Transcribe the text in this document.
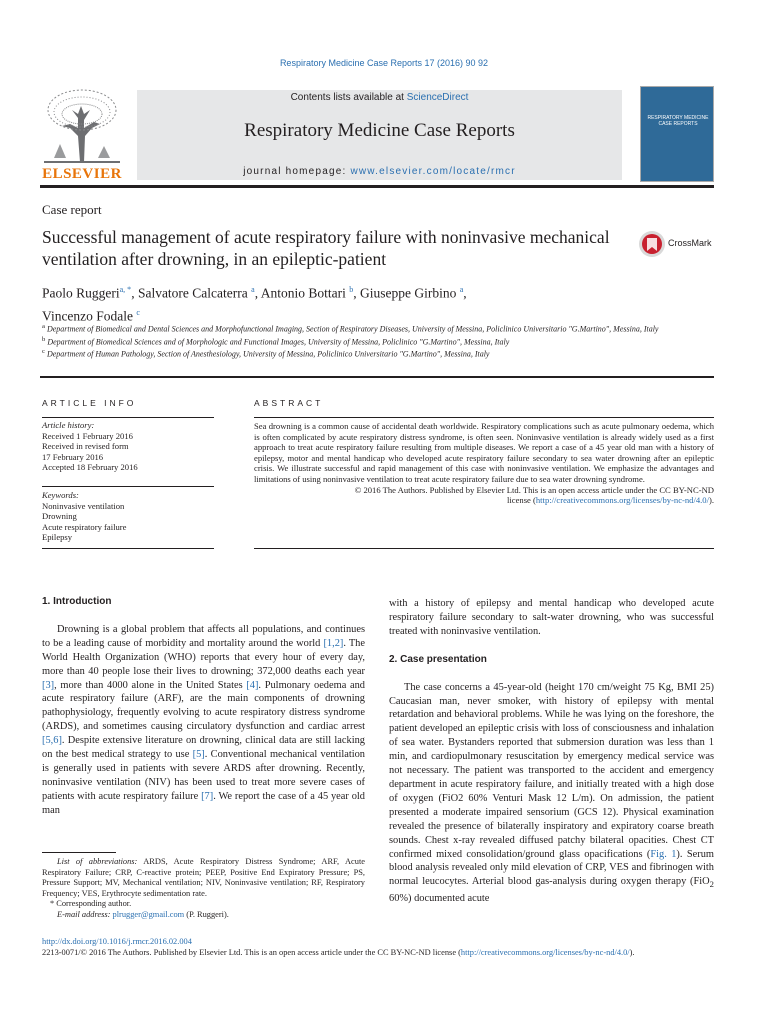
Respiratory Medicine Case Reports 17 (2016) 90 92
ELSEVIER
Contents lists available at ScienceDirect
Respiratory Medicine Case Reports
journal homepage: www.elsevier.com/locate/rmcr
RESPIRATORY MEDICINE CASE REPORTS
Case report
Successful management of acute respiratory failure with noninvasive mechanical ventilation after drowning, in an epileptic-patient
CrossMark
Paolo Ruggeri$^{a, *}$, Salvatore Calcaterra $^a$, Antonio Bottari $^b$, Giuseppe Girbino $^a$,
Vincenzo Fodale $^c$
$^a$ Department of Biomedical and Dental Sciences and Morphofunctional Imaging, Section of Respiratory Diseases, University of Messina, Policlinico Universitario "G.Martino", Messina, Italy
$^b$ Department of Biomedical Sciences and of Morphologic and Functional Images, University of Messina, Policlinico "G.Martino", Messina, Italy
$^c$ Department of Human Pathology, Section of Anesthesiology, University of Messina, Policlinico Universitario "G.Martino", Messina, Italy
ARTICLE INFO	ABSTRACT
Article history:
Received 1 February 2016
Received in revised form
17 February 2016
Accepted 18 February 2016
Keywords:
Noninvasive ventilation
Drowning
Acute respiratory failure
Epilepsy
Sea drowning is a common cause of accidental death worldwide. Respiratory complications such as acute pulmonary oedema, which is often complicated by acute respiratory distress syndrome, is often seen. Noninvasive ventilation is already widely used as a first approach to treat acute respiratory failure resulting from multiple diseases. We report a case of a 45 year old man with a history of epilepsy, motor and mental handicap who developed acute respiratory failure secondary to sea water drowning after an epileptic crisis. We illustrate successful and rapid management of this case with noninvasive ventilation. We emphasize the advantages and limitations of using noninvasive ventilation to treat acute respiratory failure due to sea water drowning syndrome.
© 2016 The Authors. Published by Elsevier Ltd. This is an open access article under the CC BY-NC-ND
license (http://creativecommons.org/licenses/by-nc-nd/4.0/).

1. Introduction

Drowning is a global problem that affects all populations, and continues to be a leading cause of morbidity and mortality around the world [1,2]. The World Health Organization (WHO) reports that every hour of every day, more than 40 people lose their lives to drowning; 372,000 deaths each year [3], more than 4000 alone in the United States [4]. Pulmonary oedema and acute respiratory failure (ARF), are the main components of drowning pathophysiology, frequently evolving to acute respiratory distress syndrome (ARDS), and sometimes causing circulatory dysfunction and cardiac arrest [5,6]. Despite extensive literature on drowning, clinical data are still lacking on the best medical strategy to use [5]. Conventional mechanical ventilation is generally used in patients with severe ARDS after drowning. Recently, noninvasive ventilation (NIV) has been used to treat more severe cases of patients with acute respiratory failure [7]. We report the case of a 45 year old man

List of abbreviations: ARDS, Acute Respiratory Distress Syndrome; ARF, Acute Respiratory Failure; CRP, C-reactive protein; PEEP, Positive End Expiratory Pressure; PS, Pressure Support; MV, Mechanical ventilation; NIV, Noninvasive ventilation; RF, Respiratory Frequency; VES, Erythrocyte sedimentation rate.
* Corresponding author.
E-mail address: plrugger@gmail.com (P. Ruggeri).

with a history of epilepsy and mental handicap who developed acute respiratory failure secondary to salt-water drowning, who was successful treated with noninvasive ventilation.

2. Case presentation

The case concerns a 45-year-old (height 170 cm/weight 75 Kg, BMI 25) Caucasian man, never smoker, with history of epilepsy with mental retardation and behavioral problems. While he was lying on the foreshore, the patient developed an epileptic crisis with loss of consciousness and inhalation of sea water. Bystanders reported that submersion duration was less than 1 min, and cardiopulmonary resuscitation by emergency medical service was not necessary. The patient was transported to the accident and emergency department in acute respiratory failure, and initially treated with a high dose of oxygen (FiO2 60% Venturi Mask 12 L/m). On admission, the patient presented a moderate impaired sensorium (GCS 12). Physical examination revealed the presence of bilaterally inspiratory and expiratory coarse breath sounds. Chest x-ray revealed diffused patchy bilateral opacities. Chest CT confirmed mixed consolidation/ground glass opacifications (Fig. 1). Serum blood analysis revealed only mild elevation of CRP, VES and fibrinogen with normal leucocytes. Arterial blood gas-analysis during oxygen therapy (FiO$_2$ 60%) documented acute

http://dx.doi.org/10.1016/j.rmcr.2016.02.004
2213-0071/© 2016 The Authors. Published by Elsevier Ltd. This is an open access article under the CC BY-NC-ND license (http://creativecommons.org/licenses/by-nc-nd/4.0/).
